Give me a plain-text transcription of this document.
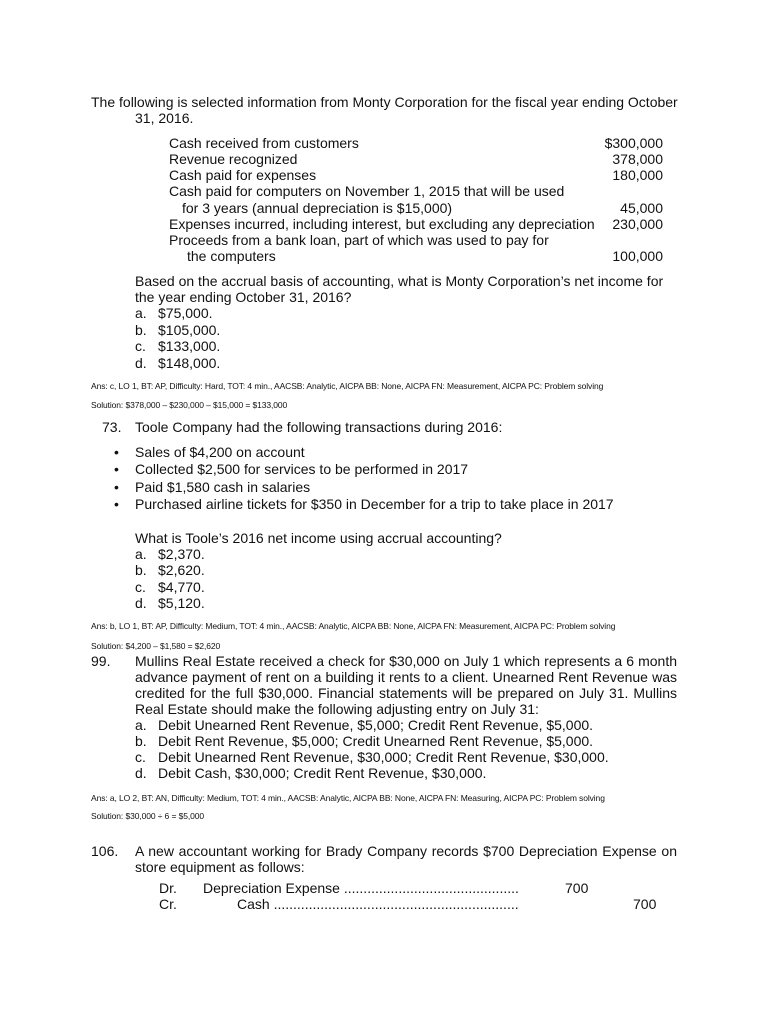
The following is selected information from Monty Corporation for the fiscal year ending October
31, 2016.
Cash received from customers	$300,000
Revenue recognized	378,000
Cash paid for expenses	180,000
Cash paid for computers on November 1, 2015 that will be used
for 3 years (annual depreciation is $15,000)	45,000
Expenses incurred, including interest, but excluding any depreciation	230,000
Proceeds from a bank loan, part of which was used to pay for
the computers	100,000
Based on the accrual basis of accounting, what is Monty Corporation’s net income for
the year ending October 31, 2016?
a. $75,000.
b. $105,000.
c. $133,000.
d. $148,000.
Ans: c, LO 1, BT: AP, Difficulty: Hard, TOT: 4 min., AACSB: Analytic, AICPA BB: None, AICPA FN: Measurement, AICPA PC: Problem solving
Solution: $378,000 – $230,000 – $15,000 = $133,000
73. Toole Company had the following transactions during 2016:
• Sales of $4,200 on account
• Collected $2,500 for services to be performed in 2017
• Paid $1,580 cash in salaries
• Purchased airline tickets for $350 in December for a trip to take place in 2017
What is Toole’s 2016 net income using accrual accounting?
a. $2,370.
b. $2,620.
c. $4,770.
d. $5,120.
Ans: b, LO 1, BT: AP, Difficulty: Medium, TOT: 4 min., AACSB: Analytic, AICPA BB: None, AICPA FN: Measurement, AICPA PC: Problem solving
Solution: $4,200 – $1,580 = $2,620
99. Mullins Real Estate received a check for $30,000 on July 1 which represents a 6 month
advance payment of rent on a building it rents to a client. Unearned Rent Revenue was
credited for the full $30,000. Financial statements will be prepared on July 31. Mullins
Real Estate should make the following adjusting entry on July 31:
a. Debit Unearned Rent Revenue, $5,000; Credit Rent Revenue, $5,000.
b. Debit Rent Revenue, $5,000; Credit Unearned Rent Revenue, $5,000.
c. Debit Unearned Rent Revenue, $30,000; Credit Rent Revenue, $30,000.
d. Debit Cash, $30,000; Credit Rent Revenue, $30,000.
Ans: a, LO 2, BT: AN, Difficulty: Medium, TOT: 4 min., AACSB: Analytic, AICPA BB: None, AICPA FN: Measuring, AICPA PC: Problem solving
Solution: $30,000 ÷ 6 = $5,000
106. A new accountant working for Brady Company records $700 Depreciation Expense on
store equipment as follows:
Dr. Depreciation Expense .............................................	700
Cr.	Cash ...............................................................	700
